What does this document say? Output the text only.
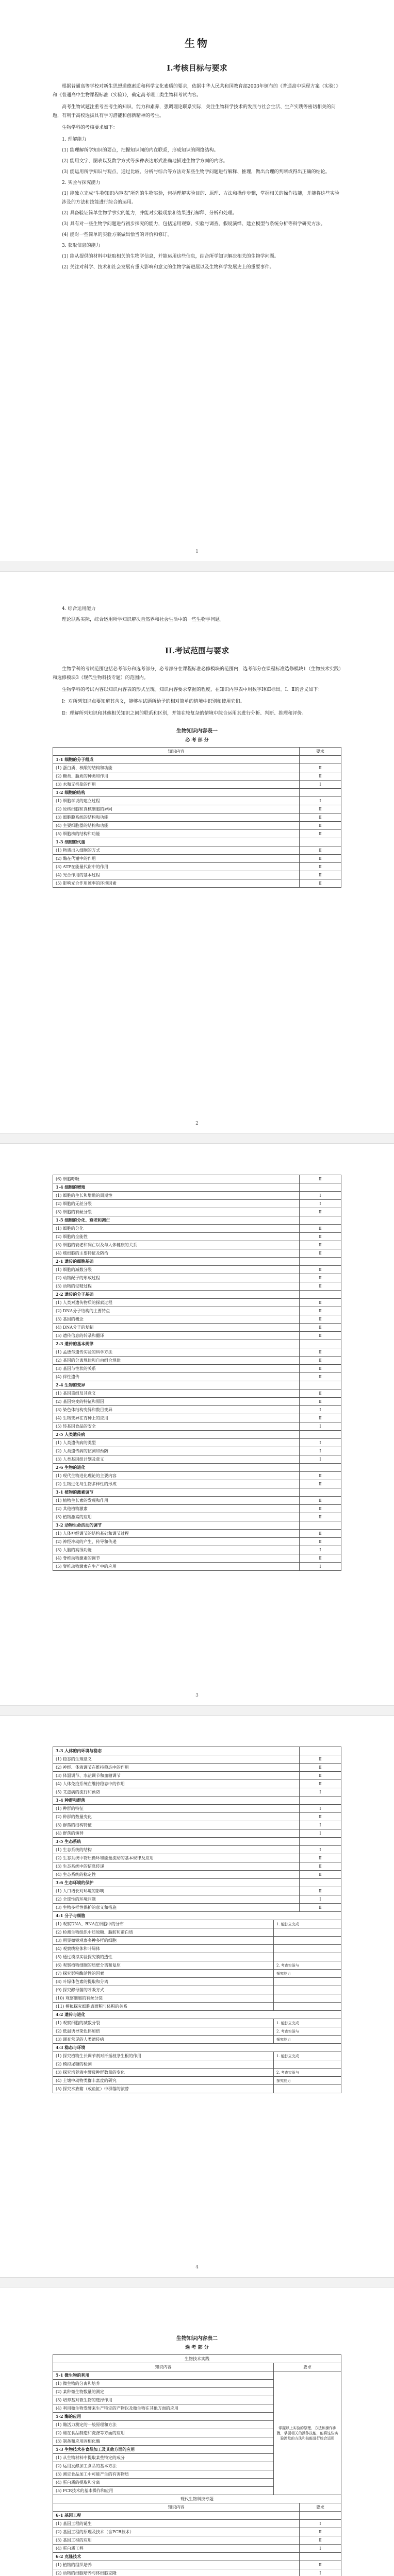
生物
I.考核目标与要求

根据普通高等学校对新生思想道德素质和科学文化素质的要求，依据中华人民共和国教育部2003年颁布的《普通高中课程方案（实验）》和《普通高中生物课程标准（实验）》，确定高考理工类生物科考试内容。

高考生物试题注重考查考生的知识、能力和素养，强调理论联系实际，关注生物科学技术的发展与社会生活、生产实践等密切相关的问题，有利于高校选拔具有学习潜能和创新精神的考生。

生物学科的考核要求如下：

1. 理解能力
(1) 能理解所学知识的要点，把握知识间的内在联系，形成知识的网络结构。
(2) 能用文字、图表以及数学方式等多种表达形式准确地描述生物学方面的内容。
(3) 能运用所学知识与观点，通过比较、分析与综合等方法对某些生物学问题进行解释、推理，做出合理的判断或得出正确的结论。
2. 实验与探究能力
(1) 能独立完成“生物知识内容表”所列的生物实验，包括理解实验目的、原理、方法和操作步骤，掌握相关的操作技能，并能将这些实验涉及的方法和技能进行综合的运用。
(2) 具备验证简单生物学事实的能力，并能对实验现象和结果进行解释、分析和处理。
(3) 具有对一些生物学问题进行初步探究的能力，包括运用观察、实验与调查、假说演绎、建立模型与系统分析等科学研究方法。
(4) 能对一些简单的实验方案做出恰当的评价和修订。
3. 获取信息的能力
(1) 能从提供的材料中获取相关的生物学信息，并能运用这些信息，结合所学知识解决相关的生物学问题。
(2) 关注对科学、技术和社会发展有重大影响和意义的生物学新进展以及生物科学发展史上的重要事件。
1
4. 综合运用能力

理论联系实际，综合运用所学知识解决自然界和社会生活中的一些生物学问题。

II.考试范围与要求

生物学科的考试范围包括必考部分和选考部分，必考部分在课程标准必修模块的范围内，选考部分在课程标准选修模块1（生物技术实践）和选修模块3（现代生物科技专题）的范围内。

生物学科的考试内容以知识内容表的形式呈现。知识内容要求掌握的程度，在知识内容表中用数字Ⅰ和Ⅱ标出。Ⅰ、Ⅱ的含义如下：

Ⅰ：对所列知识点要知道其含义，能够在试题所给予的相对简单的情境中识别和使用它们。

Ⅱ：理解所列知识和其他相关知识之间的联系和区别，并能在较复杂的情境中综合运用其进行分析、判断、推理和评价。

生物知识内容表一
必 考 部 分
知识内容	要求
1-1 细胞的分子组成	
(1) 蛋白质、核酸的结构和功能	Ⅱ
(2) 糖类、脂质的种类和作用	Ⅱ
(3) 水和无机盐的作用	Ⅰ
1-2 细胞的结构	
(1) 细胞学说的建立过程	Ⅰ
(2) 原核细胞和真核细胞的异同	Ⅱ
(3) 细胞膜系统的结构和功能	Ⅱ
(4) 主要细胞器的结构和功能	Ⅱ
(5) 细胞核的结构和功能	Ⅱ
1-3 细胞的代谢	
(1) 物质出入细胞的方式	Ⅱ
(2) 酶在代谢中的作用	Ⅱ
(3) ATP在能量代谢中的作用	Ⅱ
(4) 光合作用的基本过程	Ⅱ
(5) 影响光合作用速率的环境因素	Ⅱ
2
(6) 细胞呼吸	Ⅱ
1-4 细胞的增殖	
(1) 细胞的生长和增殖的周期性	Ⅰ
(2) 细胞的无丝分裂	Ⅰ
(3) 细胞的有丝分裂	Ⅱ
1-5 细胞的分化、衰老和凋亡	
(1) 细胞的分化	Ⅱ
(2) 细胞的全能性	Ⅱ
(3) 细胞的衰老和凋亡以及与人体健康的关系	Ⅱ
(4) 癌细胞的主要特征及防治	Ⅱ
2-1 遗传的细胞基础	
(1) 细胞的减数分裂	Ⅱ
(2) 动物配子的形成过程	Ⅱ
(3) 动物的受精过程	Ⅱ
2-2 遗传的分子基础	
(1) 人类对遗传物质的探索过程	Ⅱ
(2) DNA分子结构的主要特点	Ⅱ
(3) 基因的概念	Ⅱ
(4) DNA分子的复制	Ⅱ
(5) 遗传信息的转录和翻译	Ⅱ
2-3 遗传的基本规律	
(1) 孟德尔遗传实验的科学方法	Ⅱ
(2) 基因的分离规律和自由组合规律	Ⅱ
(3) 基因与性状的关系	Ⅱ
(4) 伴性遗传	Ⅱ
2-4 生物的变异	
(1) 基因重组及其意义	Ⅱ
(2) 基因突变的特征和原因	Ⅱ
(3) 染色体结构变异和数目变异	Ⅰ
(4) 生物变异在育种上的应用	Ⅱ
(5) 转基因食品的安全	Ⅰ
2-5 人类遗传病	
(1) 人类遗传病的类型	Ⅰ
(2) 人类遗传病的监测和预防	Ⅰ
(3) 人类基因组计划及意义	Ⅰ
2-6 生物的进化	
(1) 现代生物进化理论的主要内容	Ⅱ
(2) 生物进化与生物多样性的形成	Ⅱ
3-1 植物的激素调节	
(1) 植物生长素的发现和作用	Ⅱ
(2) 其他植物激素	Ⅱ
(3) 植物激素的应用	Ⅱ
3-2 动物生命活动的调节	
(1) 人体神经调节的结构基础和调节过程	Ⅱ
(2) 神经冲动的产生、传导和传递	Ⅱ
(3) 人脑的高级功能	Ⅰ
(4) 脊椎动物激素的调节	Ⅱ
(5) 脊椎动物激素在生产中的应用	Ⅰ
3
3-3 人体的内环境与稳态	
(1) 稳态的生理意义	Ⅱ
(2) 神经、体液调节在维持稳态中的作用	Ⅱ
(3) 体温调节、水盐调节和血糖调节	Ⅱ
(4) 人体免疫系统在维持稳态中的作用	Ⅱ
(5) 艾滋病的流行和预防	Ⅰ
3-4 种群和群落	
(1) 种群的特征	Ⅰ
(2) 种群的数量变化	Ⅱ
(3) 群落的结构特征	Ⅰ
(4) 群落的演替	Ⅰ
3-5 生态系统	
(1) 生态系统的结构	Ⅰ
(2) 生态系统中物质循环和能量流动的基本规律及应用	Ⅱ
(3) 生态系统中的信息传递	Ⅱ
(4) 生态系统的稳定性	Ⅱ
3-6 生态环境的保护	
(1) 人口增长对环境的影响	Ⅱ
(2) 全球性的环境问题	Ⅰ
(3) 生物多样性保护的意义和措施	Ⅱ
4-1 分子与细胞	
(1) 观察DNA、RNA在细胞中的分布	1. 能独立完成
(2) 检测生物组织中还原糖、脂肪和蛋白质	
(3) 用显微镜观察多种多样的细胞	
(4) 观察线粒体和叶绿体	
(5) 通过模拟实验探究膜的透性	
(6) 观察植物细胞的质壁分离和复原	2. 考查实验与
(7) 探究影响酶活性的因素	探究能力
(8) 叶绿体色素的提取和分离	
(9) 探究酵母菌的呼吸方式	
(10) 观察细胞的有丝分裂	
(11) 模拟探究细胞表面积与体积的关系	
4-2 遗传与进化	
(1) 观察细胞的减数分裂	1. 能独立完成
(2) 低温诱导染色体加倍	2. 考查实验与
(3) 调查常见的人类遗传病	探究能力
4-3 稳态与环境	
(1) 探究植物生长调节剂对扦插枝条生根的作用	1. 能独立完成
(2) 模拟尿糖的检测	
(3) 探究培养液中酵母种群数量的变化	2. 考查实验与
(4) 土壤中动物类群丰富度的研究	探究能力
(5) 探究水族箱（或鱼缸）中群落的演替	
4
生物知识内容表二
选 考 部 分
生物技术实践	
知识内容	要求
5-1 微生物的利用	掌握以上实验的原理、方法和操作步骤，掌握相关的操作技能，能将这些实验涉及的方法和技能进行综合运用
(1) 微生物的分离和培养	
(2) 某种微生物数量的测定	
(3) 培养基对微生物的选择作用	
(4) 利用微生物发酵来生产特定的产物以及微生物在其他方面的应用	
5-2 酶的应用	
(1) 酶活力测定的一般原理和方法	
(2) 酶在食品制造和洗涤等方面的应用	
(3) 制备和应用固相化酶	
5-3 生物技术在食品加工及其他方面的应用	
(1) 从生物材料中提取某些特定的成分	
(2) 运用发酵加工食品的基本方法	
(3) 测定食品加工中可能产生的有害物质	
(4) 蛋白质的提取和分离	
(5) PCR技术的基本操作和应用	
现代生物科技专题	
知识内容	要求
6-1 基因工程	
(1) 基因工程的诞生	Ⅰ
(2) 基因工程的原理及技术（含PCR技术）	Ⅱ
(3) 基因工程的应用	Ⅱ
(4) 蛋白质工程	Ⅰ
6-2 克隆技术	
(1) 植物的组织培养	Ⅱ
(2) 动物的细胞培养与体细胞克隆	Ⅰ
